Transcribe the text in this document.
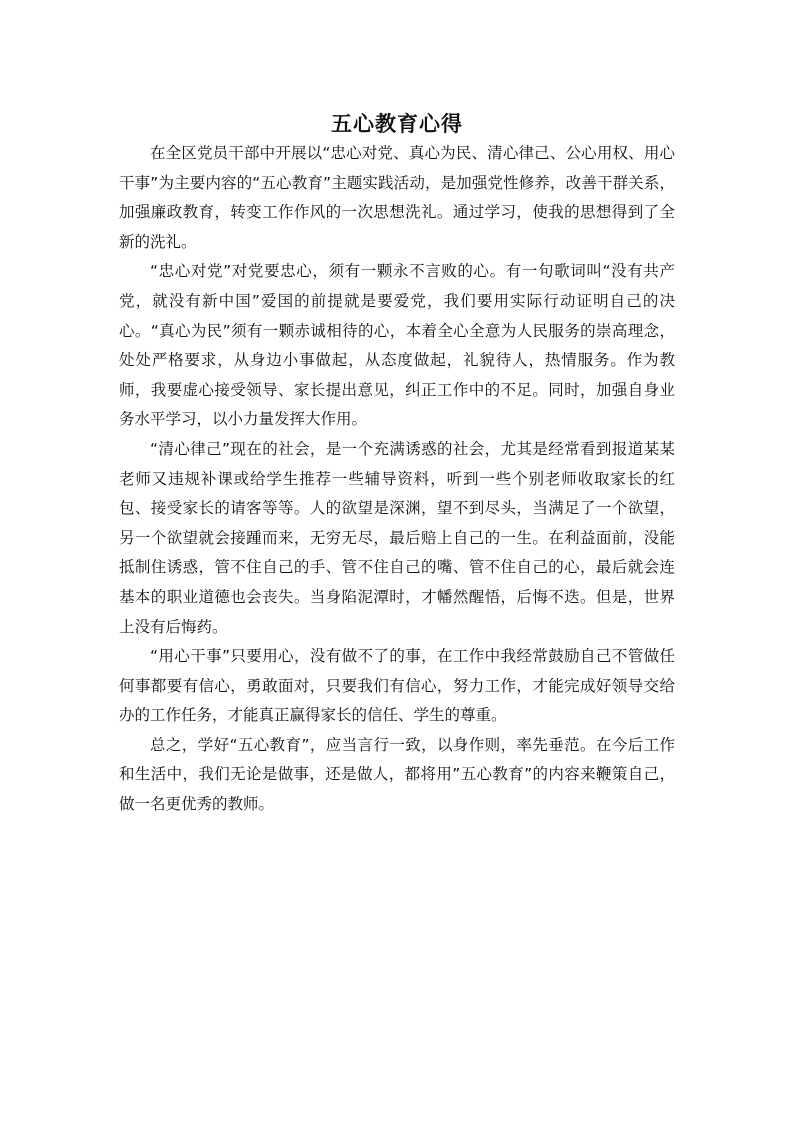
五心教育心得

在全区党员干部中开展以“忠心对党、真心为民、清心律己、公心用权、用心干事”为主要内容的“五心教育”主题实践活动，是加强党性修养，改善干群关系，加强廉政教育，转变工作作风的一次思想洗礼。通过学习，使我的思想得到了全新的洗礼。

“忠心对党”对党要忠心，须有一颗永不言败的心。有一句歌词叫“没有共产党，就没有新中国”爱国的前提就是要爱党，我们要用实际行动证明自己的决心。“真心为民”须有一颗赤诚相待的心，本着全心全意为人民服务的崇高理念，处处严格要求，从身边小事做起，从态度做起，礼貌待人，热情服务。作为教师，我要虚心接受领导、家长提出意见，纠正工作中的不足。同时，加强自身业务水平学习，以小力量发挥大作用。

“清心律己”现在的社会，是一个充满诱惑的社会，尤其是经常看到报道某某老师又违规补课或给学生推荐一些辅导资料，听到一些个别老师收取家长的红包、接受家长的请客等等。人的欲望是深渊，望不到尽头，当满足了一个欲望，另一个欲望就会接踵而来，无穷无尽，最后赔上自己的一生。在利益面前，没能抵制住诱惑，管不住自己的手、管不住自己的嘴、管不住自己的心，最后就会连基本的职业道德也会丧失。当身陷泥潭时，才幡然醒悟，后悔不迭。但是，世界上没有后悔药。

“用心干事”只要用心，没有做不了的事，在工作中我经常鼓励自己不管做任何事都要有信心，勇敢面对，只要我们有信心，努力工作，才能完成好领导交给办的工作任务，才能真正赢得家长的信任、学生的尊重。

总之，学好“五心教育”，应当言行一致，以身作则，率先垂范。在今后工作和生活中，我们无论是做事，还是做人，都将用”五心教育”的内容来鞭策自己，做一名更优秀的教师。
